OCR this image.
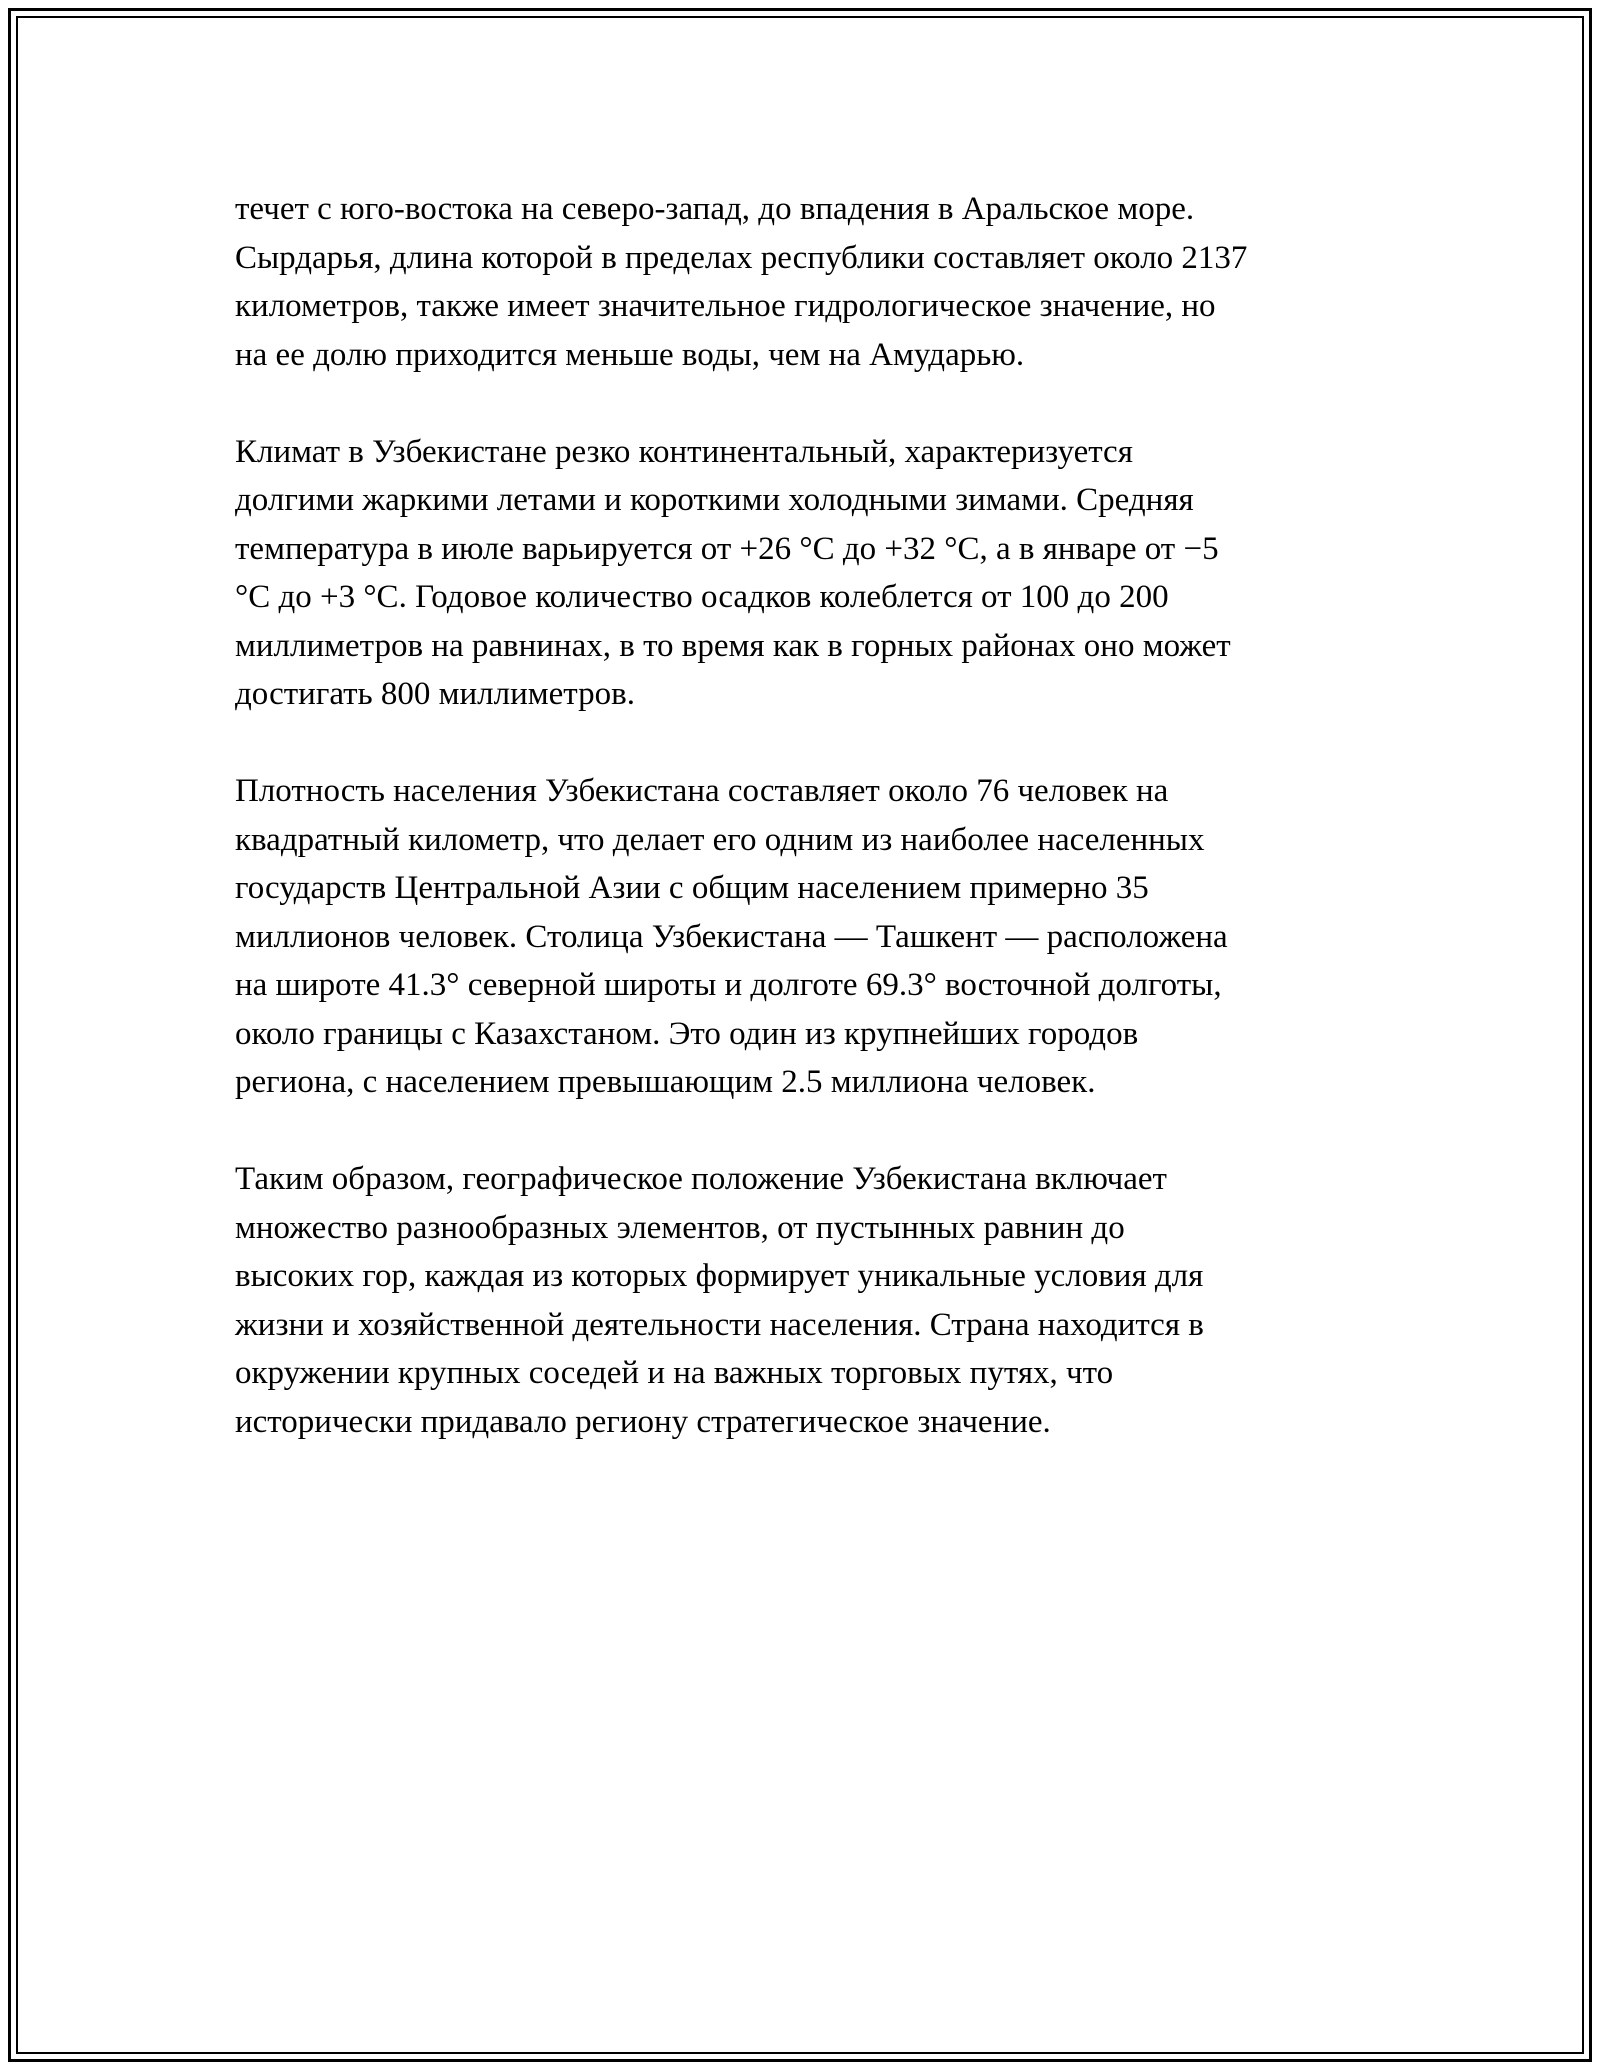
течет с юго-востока на северо-запад, до впадения в Аральское море.
Сырдарья, длина которой в пределах республики составляет около 2137
километров, также имеет значительное гидрологическое значение, но
на ее долю приходится меньше воды, чем на Амударью.

Климат в Узбекистане резко континентальный, характеризуется
долгими жаркими летами и короткими холодными зимами. Средняя
температура в июле варьируется от +26 °C до +32 °C, а в январе от −5
°C до +3 °C. Годовое количество осадков колеблется от 100 до 200
миллиметров на равнинах, в то время как в горных районах оно может
достигать 800 миллиметров.

Плотность населения Узбекистана составляет около 76 человек на
квадратный километр, что делает его одним из наиболее населенных
государств Центральной Азии с общим населением примерно 35
миллионов человек. Столица Узбекистана — Ташкент — расположена
на широте 41.3° северной широты и долготе 69.3° восточной долготы,
около границы с Казахстаном. Это один из крупнейших городов
региона, с населением превышающим 2.5 миллиона человек.

Таким образом, географическое положение Узбекистана включает
множество разнообразных элементов, от пустынных равнин до
высоких гор, каждая из которых формирует уникальные условия для
жизни и хозяйственной деятельности населения. Страна находится в
окружении крупных соседей и на важных торговых путях, что
исторически придавало региону стратегическое значение.
